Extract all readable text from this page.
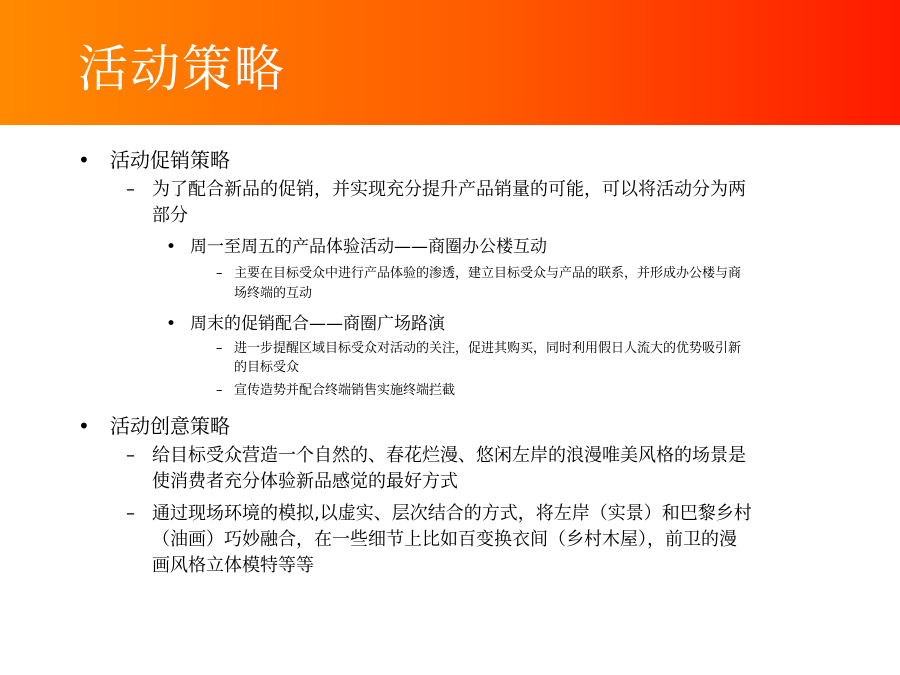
活动策略
• 活动促销策略
– 为了配合新品的促销，并实现充分提升产品销量的可能，可以将活动分为两
部分
• 周一至周五的产品体验活动——商圈办公楼互动
– 主要在目标受众中进行产品体验的渗透，建立目标受众与产品的联系，并形成办公楼与商
场终端的互动
• 周末的促销配合——商圈广场路演
– 进一步提醒区域目标受众对活动的关注，促进其购买，同时利用假日人流大的优势吸引新
的目标受众
– 宣传造势并配合终端销售实施终端拦截
• 活动创意策略
– 给目标受众营造一个自然的、春花烂漫、悠闲左岸的浪漫唯美风格的场景是
使消费者充分体验新品感觉的最好方式
– 通过现场环境的模拟,以虚实、层次结合的方式，将左岸（实景）和巴黎乡村
（油画）巧妙融合，在一些细节上比如百变换衣间（乡村木屋），前卫的漫
画风格立体模特等等
